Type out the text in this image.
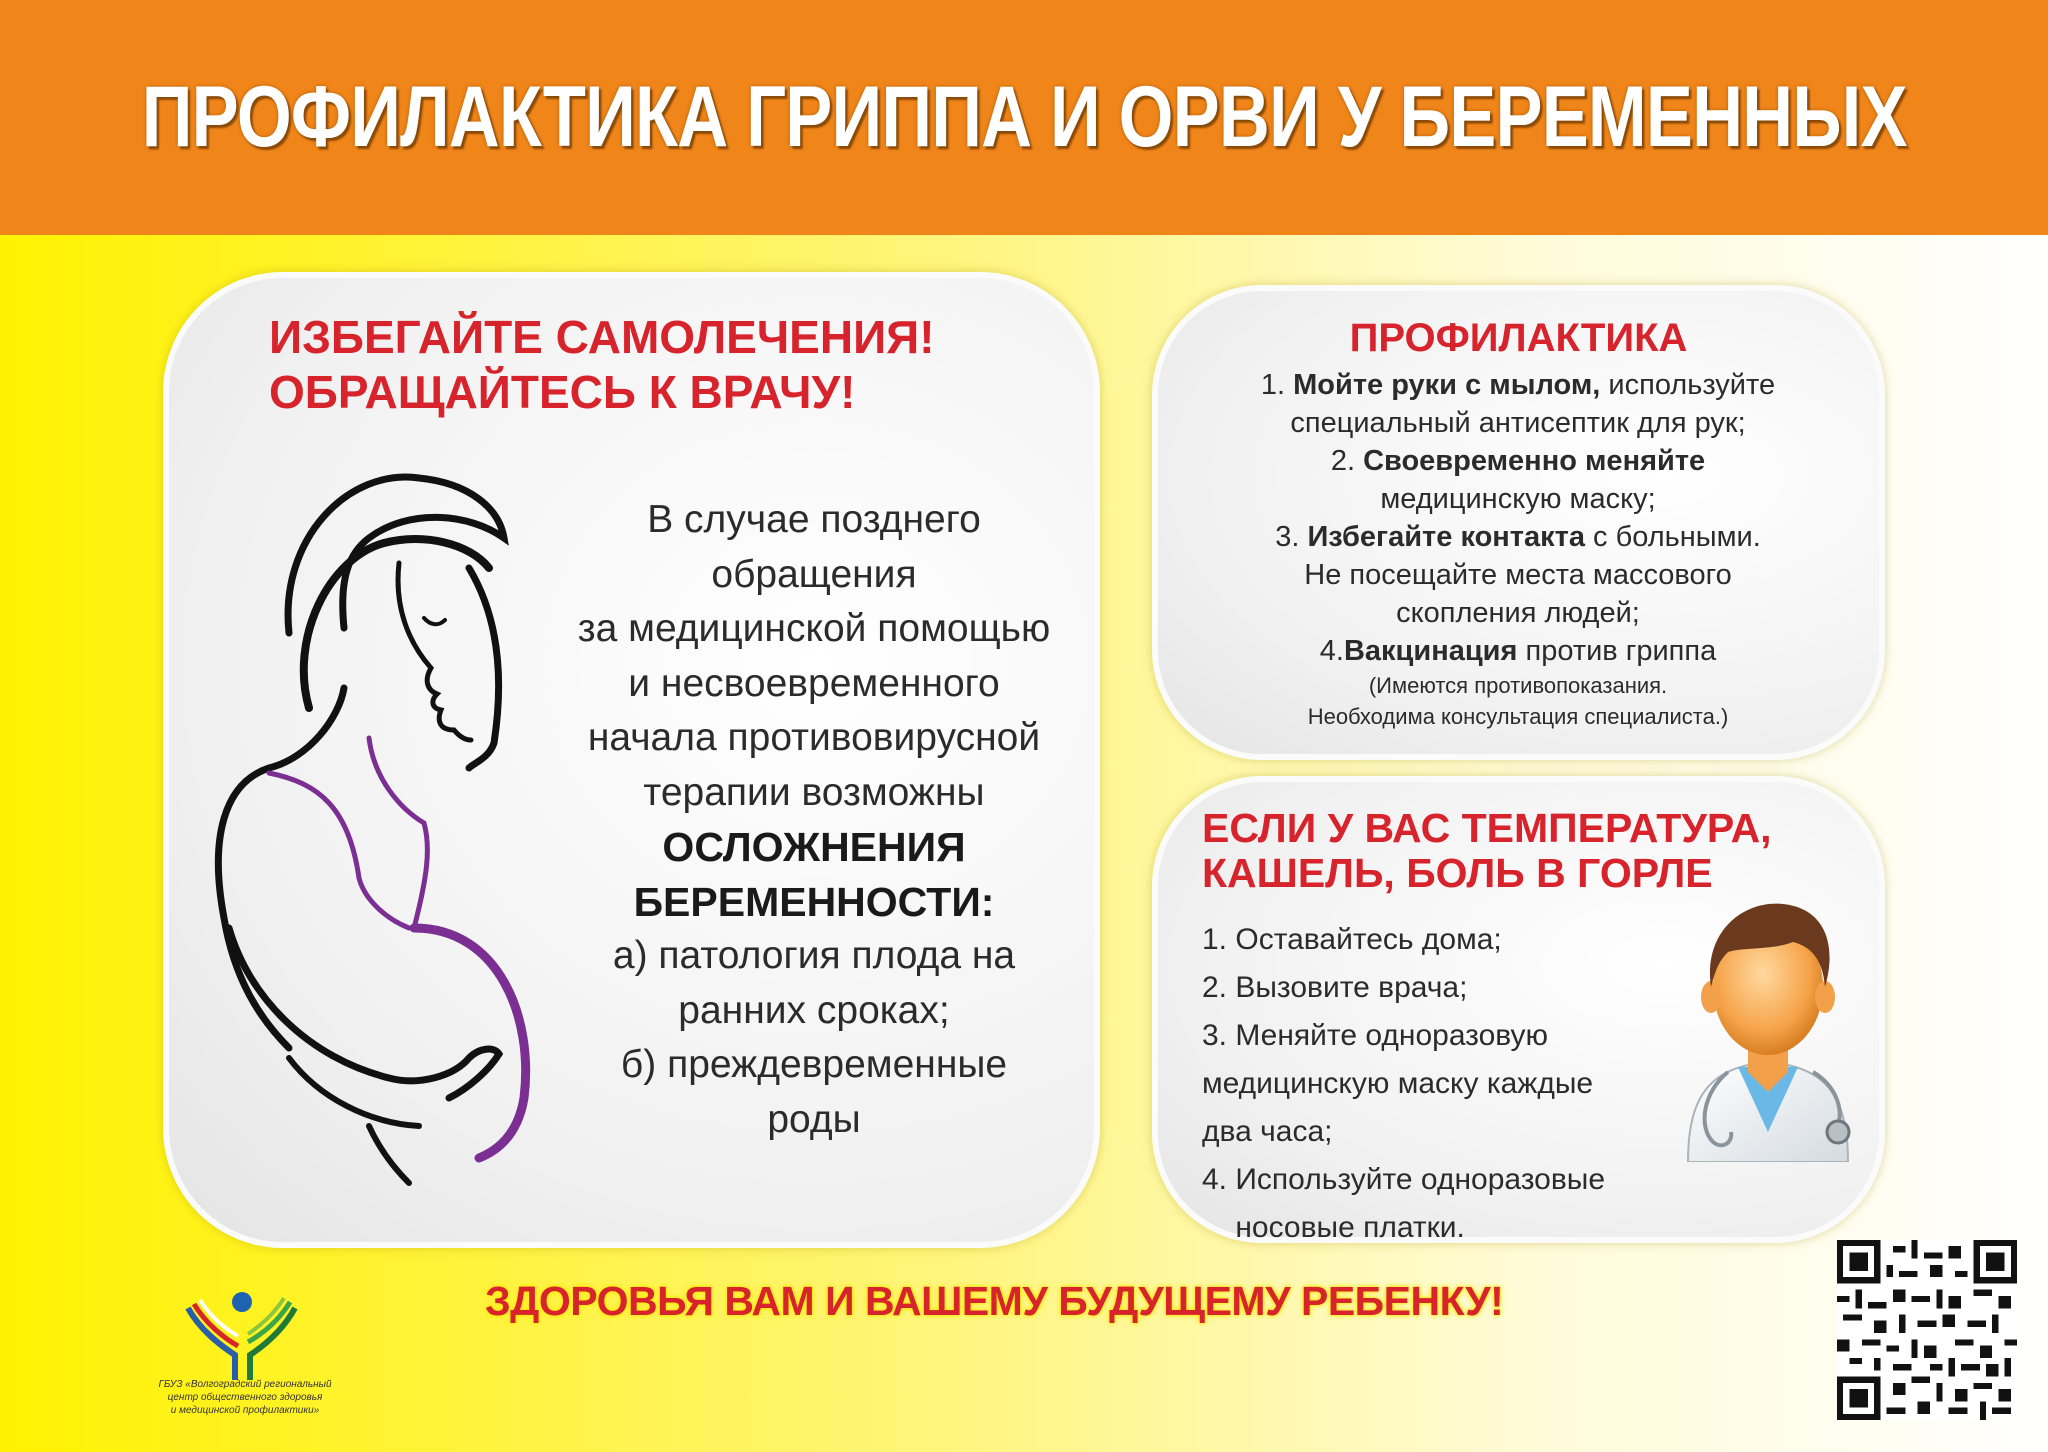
ПРОФИЛАКТИКА ГРИППА И ОРВИ У БЕРЕМЕННЫХ
ИЗБЕГАЙТЕ САМОЛЕЧЕНИЯ!
ОБРАЩАЙТЕСЬ К ВРАЧУ!
В случае позднего
обращения
за медицинской помощью
и несвоевременного
начала противовирусной
терапии возможны
ОСЛОЖНЕНИЯ
БЕРЕМЕННОСТИ:
а) патология плода на
ранних сроках;
б) преждевременные
роды
ПРОФИЛАКТИКА
1. Мойте руки с мылом, используйте
специальный антисептик для рук;
2. Своевременно меняйте
медицинскую маску;
3. Избегайте контакта с больными.
Не посещайте места массового
скопления людей;
4.Вакцинация против гриппа
(Имеются противопоказания.
Необходима консультация специалиста.)
ЕСЛИ У ВАС ТЕМПЕРАТУРА,
КАШЕЛЬ, БОЛЬ В ГОРЛЕ
1. Оставайтесь дома;
2. Вызовите врача;
3. Меняйте одноразовую
медицинскую маску каждые
два часа;
4. Используйте одноразовые
носовые платки.
ГБУЗ «Волгоградский региональный
центр общественного здоровья
и медицинской профилактики»
ЗДОРОВЬЯ ВАМ И ВАШЕМУ БУДУЩЕМУ РЕБЕНКУ!
